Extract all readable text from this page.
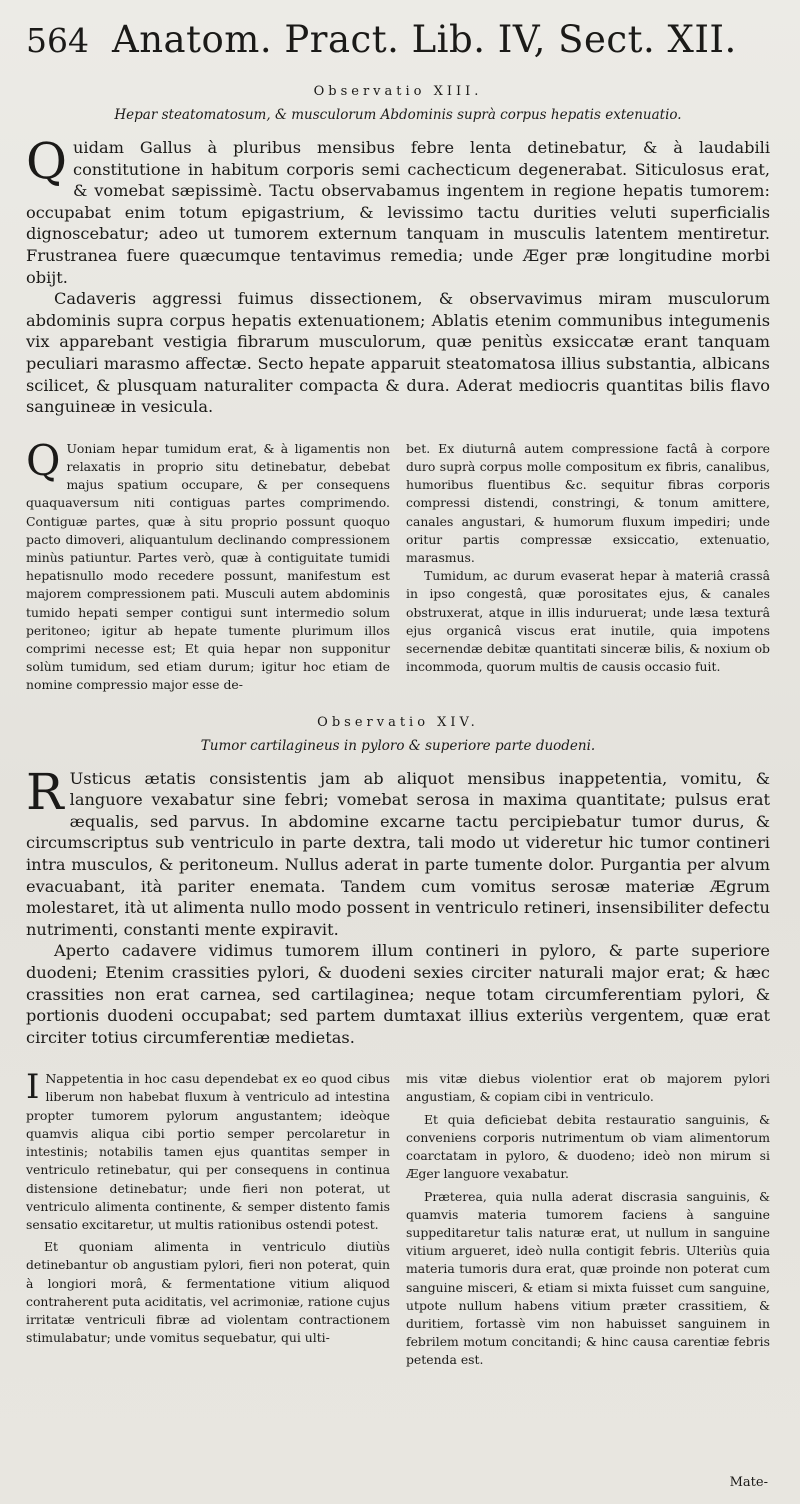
564 Anatom. Pract. Lib. IV, Sect. XII.
Observatio XIII.
Hepar steatomatosum, & musculorum Abdominis suprà corpus hepatis extenuatio.

Quidam Gallus à pluribus mensibus febre lenta detinebatur, & à laudabili constitutione in habitum corporis semi cachecticum degenerabat. Siticulosus erat, & vomebat sæpissimè. Tactu observabamus ingentem in regione hepatis tumorem: occupabat enim totum epigastrium, & levissimo tactu durities veluti superficialis dignoscebatur; adeo ut tumorem externum tanquam in musculis latentem mentiretur. Frustranea fuere quæcumque tentavimus remedia; unde Æger præ longitudine morbi obijt.

Cadaveris aggressi fuimus dissectionem, & observavimus miram musculorum abdominis supra corpus hepatis extenuationem; Ablatis etenim communibus integumenis vix apparebant vestigia fibrarum musculorum, quæ penitùs exsiccatæ erant tanquam peculiari marasmo affectæ. Secto hepate apparuit steatomatosa illius substantia, albicans scilicet, & plusquam naturaliter compacta & dura. Aderat mediocris quantitas bilis flavo sanguineæ in vesicula.

Q Uoniam hepar tumidum erat, & à ligamentis non relaxatis in proprio situ detinebatur, debebat majus spatium occupare, & per consequens quaquaversum niti contiguas partes comprimendo. Contiguæ partes, quæ à situ proprio possunt quoquo pacto dimoveri, aliquantulum declinando compressionem minùs patiuntur. Partes verò, quæ à contiguitate tumidi hepatisnullo modo recedere possunt, manifestum est majorem compressionem pati. Musculi autem abdominis tumido hepati semper contigui sunt intermedio solum peritoneo; igitur ab hepate tumente plurimum illos comprimi necesse est; Et quia hepar non supponitur solùm tumidum, sed etiam durum; igitur hoc etiam de nomine compressio major esse de-

bet. Ex diuturnâ autem compressione factâ à corpore duro suprà corpus molle compositum ex fibris, canalibus, humoribus fluentibus &c. sequitur fibras corporis compressi distendi, constringi, & tonum amittere, canales angustari, & humorum fluxum impediri; unde oritur partis compressæ exsiccatio, extenuatio, marasmus.

Tumidum, ac durum evaserat hepar à materiâ crassâ in ipso congestâ, quæ porositates ejus, & canales obstruxerat, atque in illis induruerat; unde læsa texturâ ejus organicâ viscus erat inutile, quia impotens secernendæ debitæ quantitati sinceræ bilis, & noxium ob incommoda, quorum multis de causis occasio fuit.

Observatio XIV.
Tumor cartilagineus in pyloro & superiore parte duodeni.

R Usticus ætatis consistentis jam ab aliquot mensibus inappetentia, vomitu, & languore vexabatur sine febri; vomebat serosa in maxima quantitate; pulsus erat æqualis, sed parvus. In abdomine excarne tactu percipiebatur tumor durus, & circumscriptus sub ventriculo in parte dextra, tali modo ut videretur hic tumor contineri intra musculos, & peritoneum. Nullus aderat in parte tumente dolor. Purgantia per alvum evacuabant, ità pariter enemata. Tandem cum vomitus serosæ materiæ Ægrum molestaret, ità ut alimenta nullo modo possent in ventriculo retineri, insensibiliter defectu nutrimenti, constanti mente expiravit.

Aperto cadavere vidimus tumorem illum contineri in pyloro, & parte superiore duodeni; Etenim crassities pylori, & duodeni sexies circiter naturali major erat; & hæc crassities non erat carnea, sed cartilaginea; neque totam circumferentiam pylori, & portionis duodeni occupabat; sed partem dumtaxat illius exteriùs vergentem, quæ erat circiter totius circumferentiæ medietas.

I Nappetentia in hoc casu dependebat ex eo quod cibus liberum non habebat fluxum à ventriculo ad intestina propter tumorem pylorum angustantem; ideòque quamvis aliqua cibi portio semper percolaretur in intestinis; notabilis tamen ejus quantitas semper in ventriculo retinebatur, qui per consequens in continua distensione detinebatur; unde fieri non poterat, ut ventriculo alimenta continente, & semper distento famis sensatio excitaretur, ut multis rationibus ostendi potest.

Et quoniam alimenta in ventriculo diutiùs detinebantur ob angustiam pylori, fieri non poterat, quin à longiori morâ, & fermentatione vitium aliquod contraherent puta aciditatis, vel acrimoniæ, ratione cujus irritatæ ventriculi fibræ ad violentam contractionem stimulabatur; unde vomitus sequebatur, qui ulti-

mis vitæ diebus violentior erat ob majorem pylori angustiam, & copiam cibi in ventriculo.

Et quia deficiebat debita restauratio sanguinis, & conveniens corporis nutrimentum ob viam alimentorum coarctatam in pyloro, & duodeno; ideò non mirum si Æger languore vexabatur.

Præterea, quia nulla aderat discrasia sanguinis, & quamvis materia tumorem faciens à sanguine suppeditaretur talis naturæ erat, ut nullum in sanguine vitium argueret, ideò nulla contigit febris. Ulteriùs quia materia tumoris dura erat, quæ proinde non poterat cum sanguine misceri, & etiam si mixta fuisset cum sanguine, utpote nullum habens vitium præter crassitiem, & duritiem, fortassè vim non habuisset sanguinem in febrilem motum concitandi; & hinc causa carentiæ febris petenda est.

Mate-
